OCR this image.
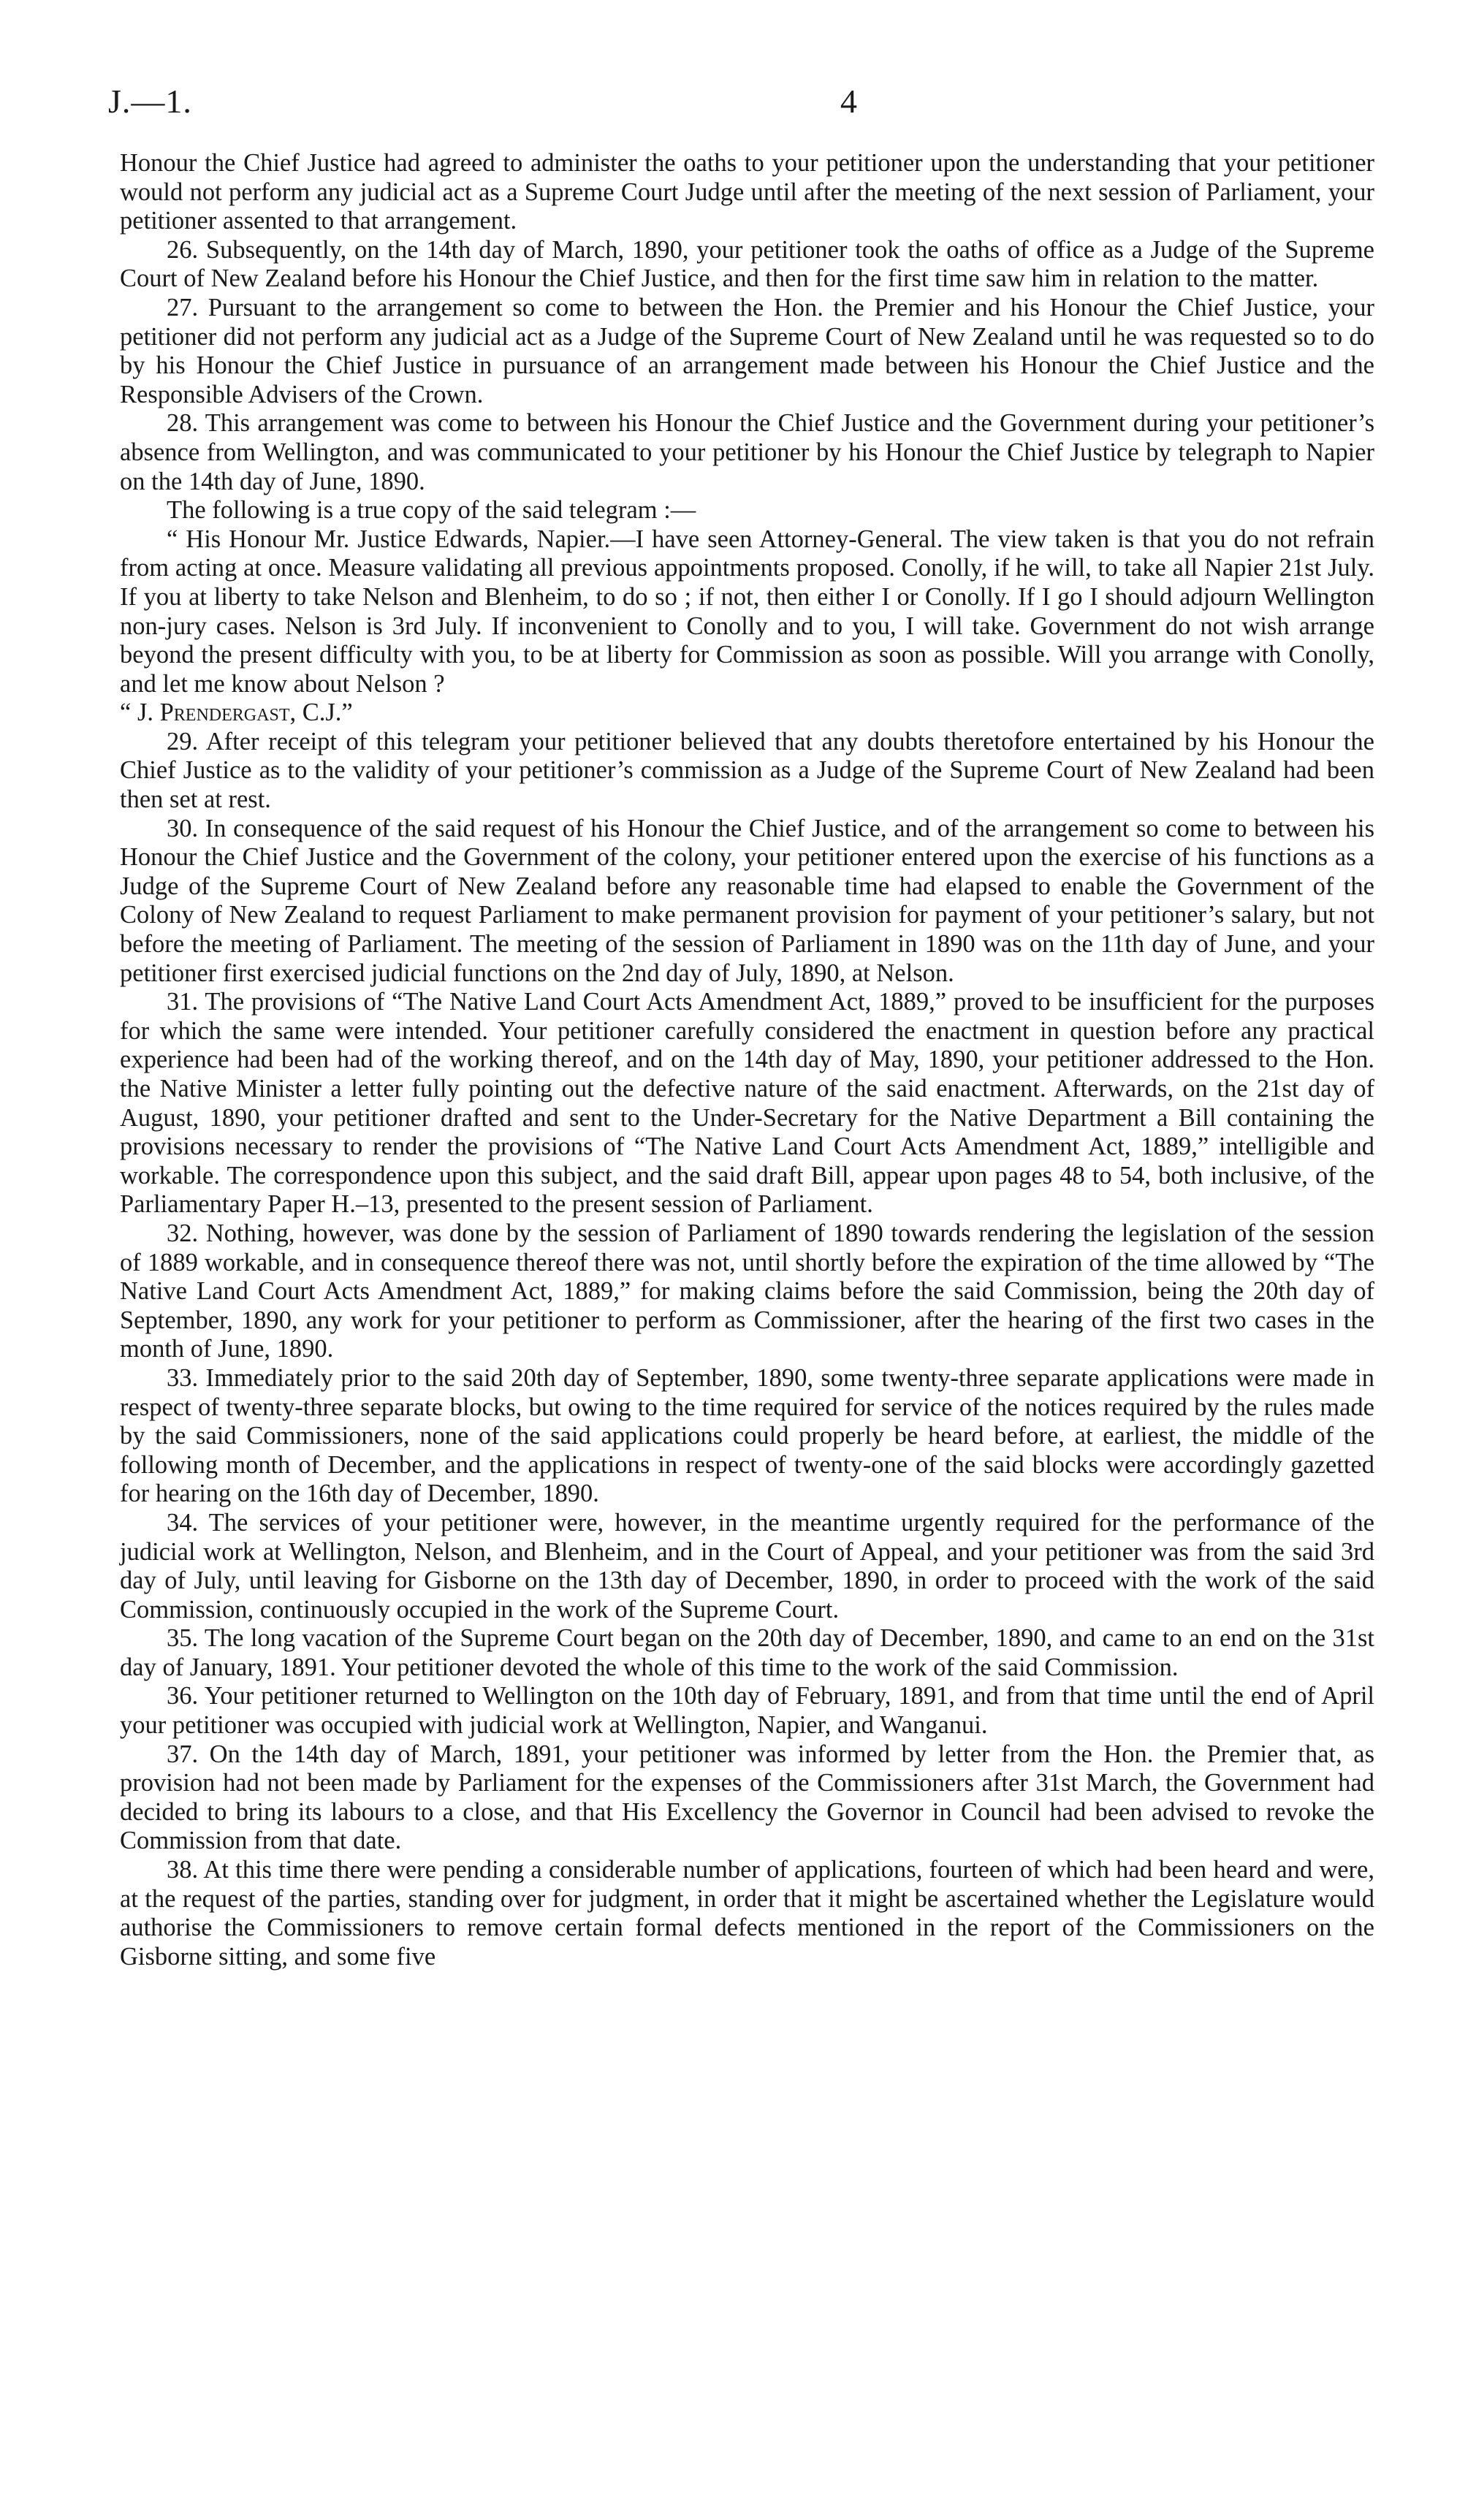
J.—1.	4

Honour the Chief Justice had agreed to administer the oaths to your petitioner upon the understanding that your petitioner would not perform any judicial act as a Supreme Court Judge until after the meeting of the next session of Parliament, your petitioner assented to that arrangement.

26. Subsequently, on the 14th day of March, 1890, your petitioner took the oaths of office as a Judge of the Supreme Court of New Zealand before his Honour the Chief Justice, and then for the first time saw him in relation to the matter.

27. Pursuant to the arrangement so come to between the Hon. the Premier and his Honour the Chief Justice, your petitioner did not perform any judicial act as a Judge of the Supreme Court of New Zealand until he was requested so to do by his Honour the Chief Justice in pursuance of an arrangement made between his Honour the Chief Justice and the Responsible Advisers of the Crown.

28. This arrangement was come to between his Honour the Chief Justice and the Government during your petitioner’s absence from Wellington, and was communicated to your petitioner by his Honour the Chief Justice by telegraph to Napier on the 14th day of June, 1890.

The following is a true copy of the said telegram :—

“ His Honour Mr. Justice Edwards, Napier.—I have seen Attorney-General. The view taken is that you do not refrain from acting at once. Measure validating all previous appointments proposed. Conolly, if he will, to take all Napier 21st July. If you at liberty to take Nelson and Blenheim, to do so ; if not, then either I or Conolly. If I go I should adjourn Wellington non-jury cases. Nelson is 3rd July. If inconvenient to Conolly and to you, I will take. Government do not wish arrange beyond the present difficulty with you, to be at liberty for Commission as soon as possible. Will you arrange with Conolly, and let me know about Nelson ?

“ J. Prendergast, C.J.”

29. After receipt of this telegram your petitioner believed that any doubts theretofore entertained by his Honour the Chief Justice as to the validity of your petitioner’s commission as a Judge of the Supreme Court of New Zealand had been then set at rest.

30. In consequence of the said request of his Honour the Chief Justice, and of the arrangement so come to between his Honour the Chief Justice and the Government of the colony, your petitioner entered upon the exercise of his functions as a Judge of the Supreme Court of New Zealand before any reasonable time had elapsed to enable the Government of the Colony of New Zealand to request Parliament to make permanent provision for payment of your petitioner’s salary, but not before the meeting of Parliament. The meeting of the session of Parliament in 1890 was on the 11th day of June, and your petitioner first exercised judicial functions on the 2nd day of July, 1890, at Nelson.

31. The provisions of “The Native Land Court Acts Amendment Act, 1889,” proved to be insufficient for the purposes for which the same were intended. Your petitioner carefully considered the enactment in question before any practical experience had been had of the working thereof, and on the 14th day of May, 1890, your petitioner addressed to the Hon. the Native Minister a letter fully pointing out the defective nature of the said enactment. Afterwards, on the 21st day of August, 1890, your petitioner drafted and sent to the Under-Secretary for the Native Department a Bill containing the provisions necessary to render the provisions of “The Native Land Court Acts Amendment Act, 1889,” intelligible and workable. The correspondence upon this subject, and the said draft Bill, appear upon pages 48 to 54, both inclusive, of the Parliamentary Paper H.–13, presented to the present session of Parliament.

32. Nothing, however, was done by the session of Parliament of 1890 towards rendering the legislation of the session of 1889 workable, and in consequence thereof there was not, until shortly before the expiration of the time allowed by “The Native Land Court Acts Amendment Act, 1889,” for making claims before the said Commission, being the 20th day of September, 1890, any work for your petitioner to perform as Commissioner, after the hearing of the first two cases in the month of June, 1890.

33. Immediately prior to the said 20th day of September, 1890, some twenty-three separate applications were made in respect of twenty-three separate blocks, but owing to the time required for service of the notices required by the rules made by the said Commissioners, none of the said applications could properly be heard before, at earliest, the middle of the following month of December, and the applications in respect of twenty-one of the said blocks were accordingly gazetted for hearing on the 16th day of December, 1890.

34. The services of your petitioner were, however, in the meantime urgently required for the performance of the judicial work at Wellington, Nelson, and Blenheim, and in the Court of Appeal, and your petitioner was from the said 3rd day of July, until leaving for Gisborne on the 13th day of December, 1890, in order to proceed with the work of the said Commission, continuously occupied in the work of the Supreme Court.

35. The long vacation of the Supreme Court began on the 20th day of December, 1890, and came to an end on the 31st day of January, 1891. Your petitioner devoted the whole of this time to the work of the said Commission.

36. Your petitioner returned to Wellington on the 10th day of February, 1891, and from that time until the end of April your petitioner was occupied with judicial work at Wellington, Napier, and Wanganui.

37. On the 14th day of March, 1891, your petitioner was informed by letter from the Hon. the Premier that, as provision had not been made by Parliament for the expenses of the Commissioners after 31st March, the Government had decided to bring its labours to a close, and that His Excellency the Governor in Council had been advised to revoke the Commission from that date.

38. At this time there were pending a considerable number of applications, fourteen of which had been heard and were, at the request of the parties, standing over for judgment, in order that it might be ascertained whether the Legislature would authorise the Commissioners to remove certain formal defects mentioned in the report of the Commissioners on the Gisborne sitting, and some five
